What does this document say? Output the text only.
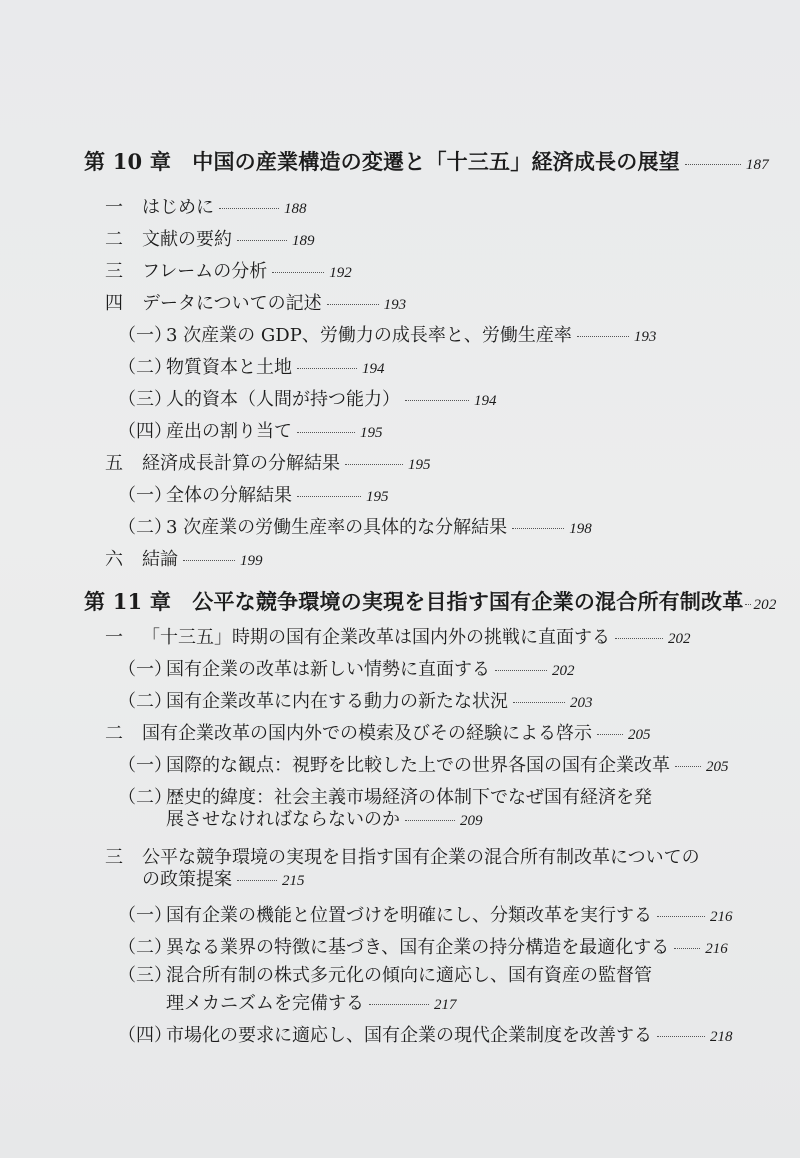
第 10 章　中国の産業構造の変遷と「十三五」経済成長の展望	187
一 はじめに	188
二 文献の要約	189
三 フレームの分析	192
四 データについての記述	193
（一）3 次産業の GDP、労働力の成長率と、労働生産率	193
（二）物質資本と土地	194
（三）人的資本（人間が持つ能力）	194
（四）産出の割り当て	195
五 経済成長計算の分解結果	195
（一）全体の分解結果	195
（二）3 次産業の労働生産率の具体的な分解結果	198
六 結論	199
第 11 章　公平な競争環境の実現を目指す国有企業の混合所有制改革 202
一 「十三五」時期の国有企業改革は国内外の挑戦に直面する	202
（一）国有企業の改革は新しい情勢に直面する	202
（二）国有企業改革に内在する動力の新たな状況	203
二 国有企業改革の国内外での模索及びその経験による啓示 205
（一）国際的な観点：視野を比較した上での世界各国の国有企業改革 205
（二）歴史的緯度：社会主義市場経済の体制下でなぜ国有経済を発
展させなければならないのか	209
三 公平な競争環境の実現を目指す国有企業の混合所有制改革についての
の政策提案	215
（一）国有企業の機能と位置づけを明確にし、分類改革を実行する	216
（二）異なる業界の特徴に基づき、国有企業の持分構造を最適化する 216
（三）混合所有制の株式多元化の傾向に適応し、国有資産の監督管
理メカニズムを完備する	217
（四）市場化の要求に適応し、国有企業の現代企業制度を改善する	218
